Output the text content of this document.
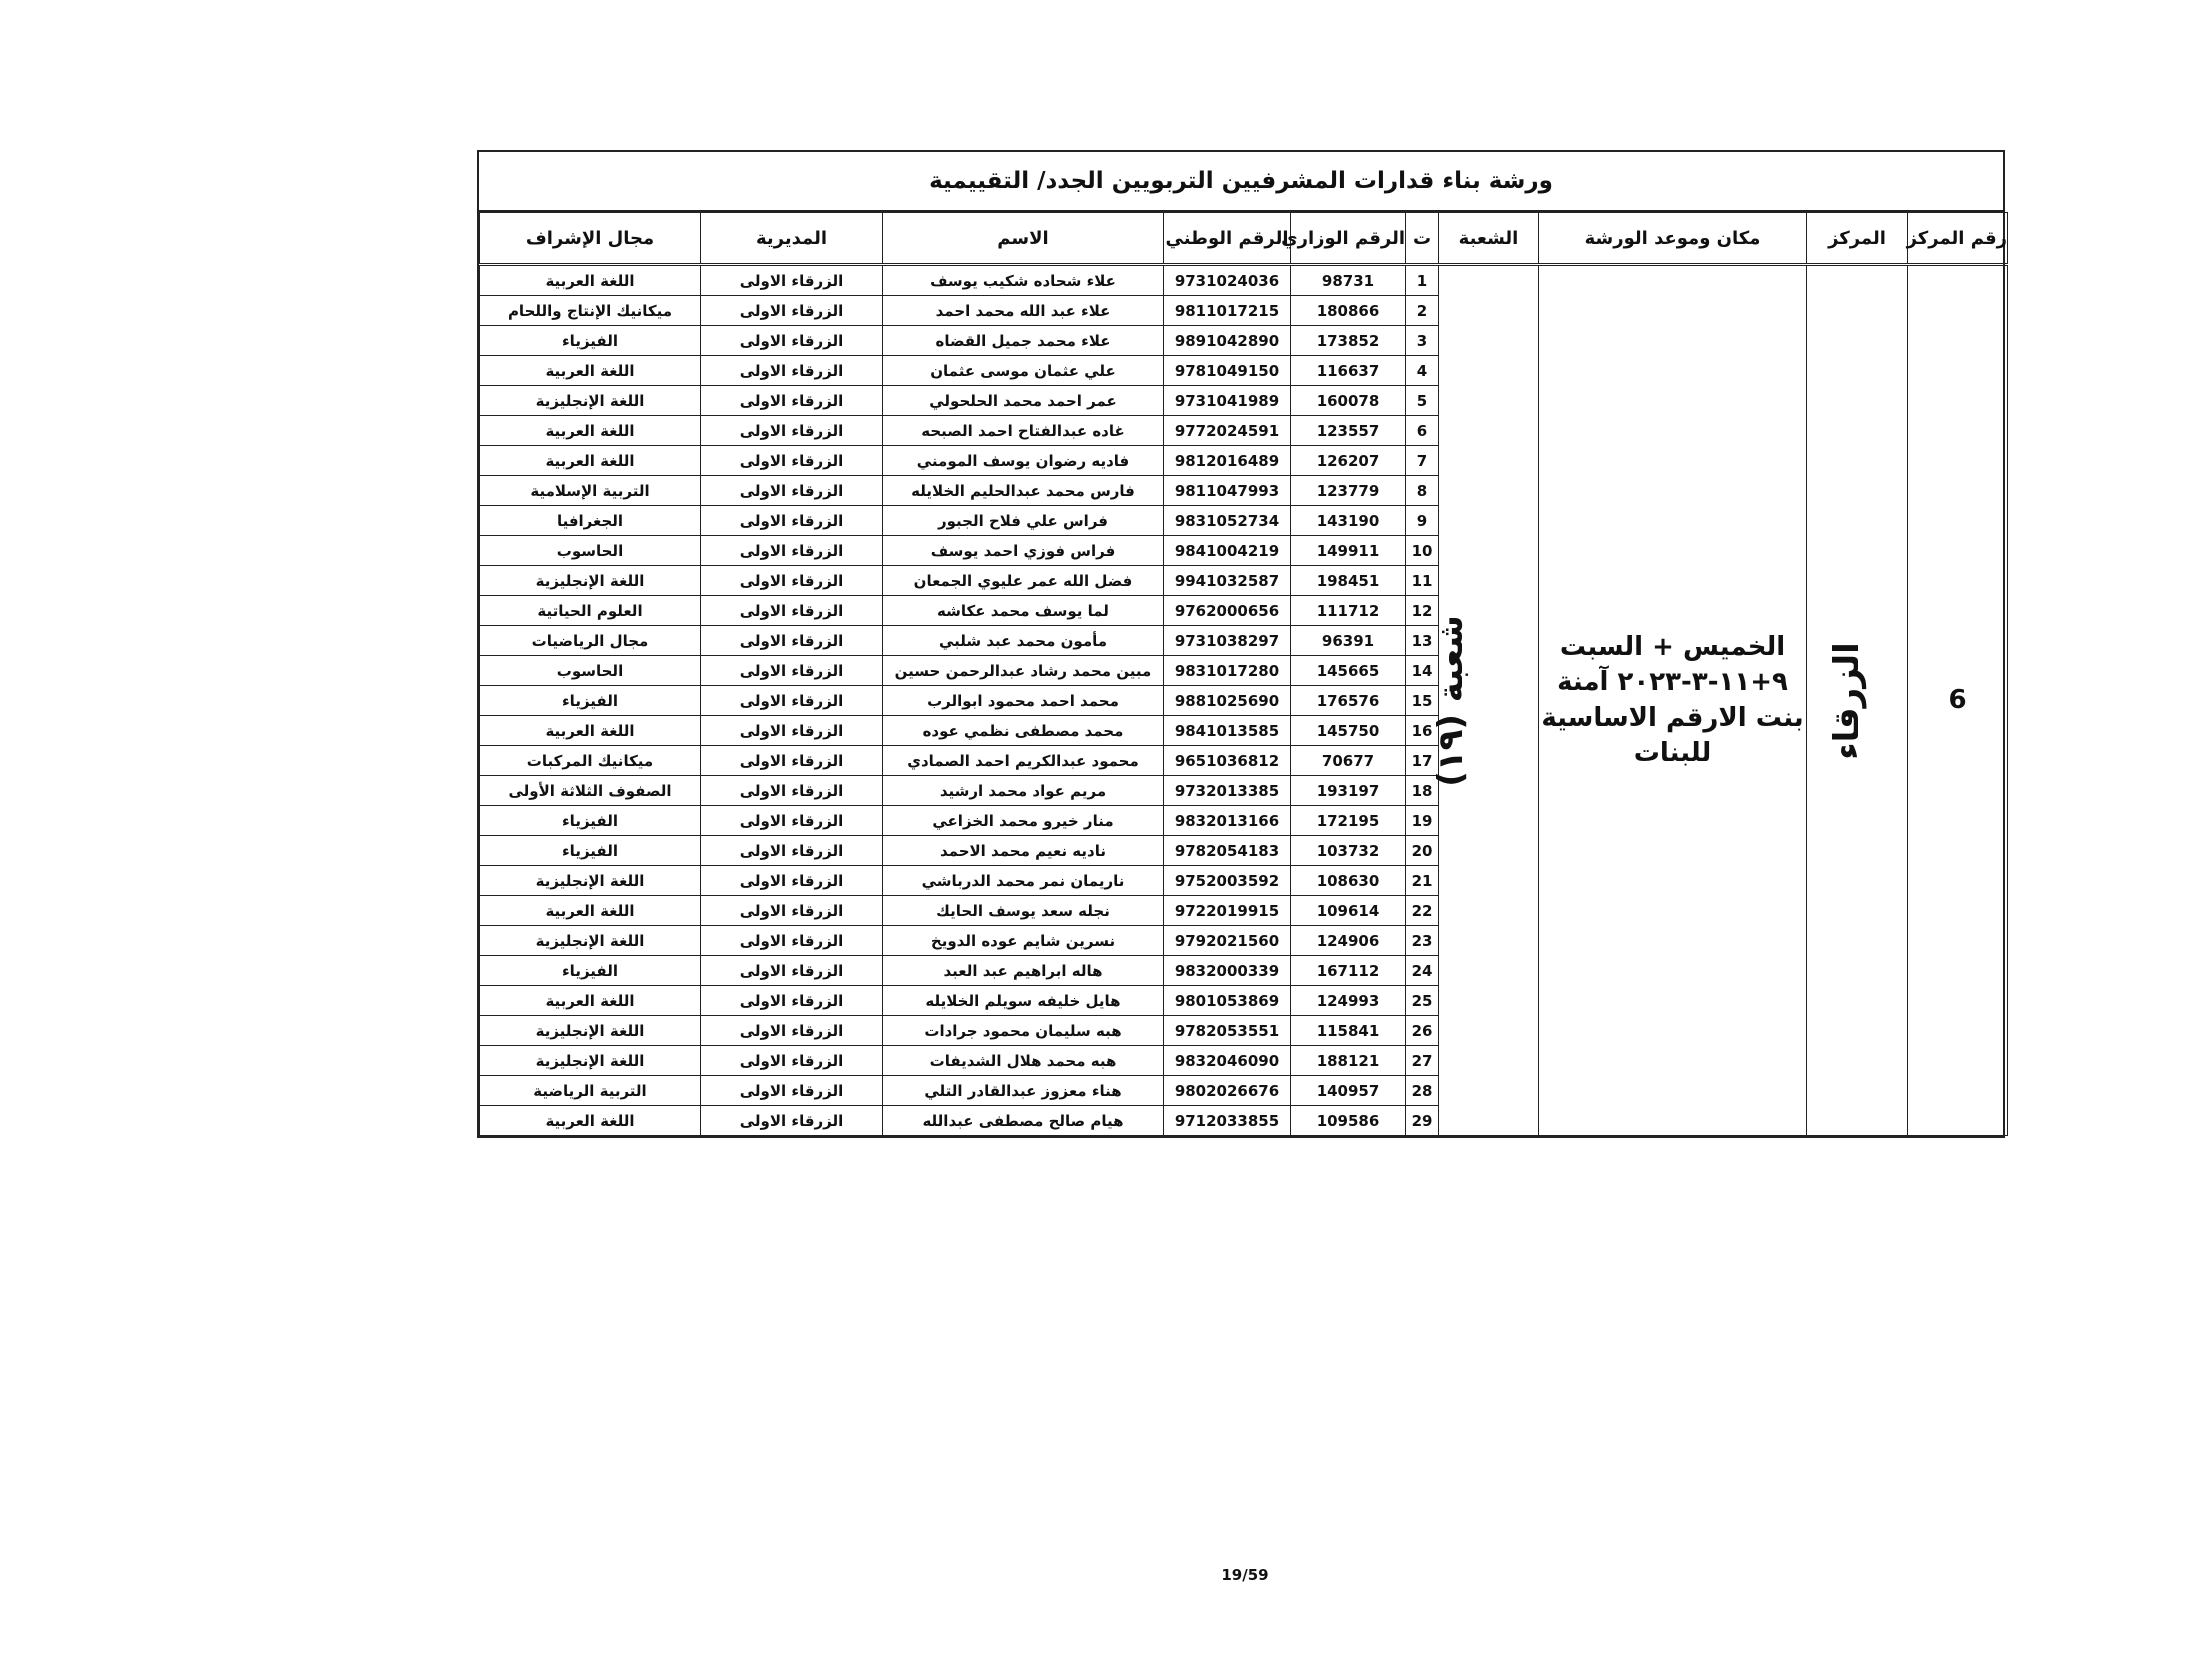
ورشة بناء قدارات المشرفيين التربويين الجدد/ التقييمية
رقم المركز	المركز	مكان وموعد الورشة	الشعبة	ت	الرقم الوزاري	الرقم الوطني	الاسم	المديرية	مجال الإشراف
6	الزرقاء	الخميس + السبت ٩+١١-٣-٢٠٢٣ آمنة بنت الارقم الاساسية للبنات	شعبة (١٩)	1	98731	9731024036	علاء شحاده شكيب يوسف	الزرقاء الاولى	اللغة العربية
				2	180866	9811017215	علاء عبد الله محمد احمد	الزرقاء الاولى	ميكانيك الإنتاج واللحام
				3	173852	9891042890	علاء محمد جميل القضاه	الزرقاء الاولى	الفيزياء
				4	116637	9781049150	علي عثمان موسى عثمان	الزرقاء الاولى	اللغة العربية
				5	160078	9731041989	عمر احمد محمد الحلحولي	الزرقاء الاولى	اللغة الإنجليزية
				6	123557	9772024591	غاده عبدالفتاح احمد الصبحه	الزرقاء الاولى	اللغة العربية
				7	126207	9812016489	فاديه رضوان يوسف المومني	الزرقاء الاولى	اللغة العربية
				8	123779	9811047993	فارس محمد عبدالحليم الخلايله	الزرقاء الاولى	التربية الإسلامية
				9	143190	9831052734	فراس علي فلاح الجبور	الزرقاء الاولى	الجغرافيا
				10	149911	9841004219	فراس فوزي احمد يوسف	الزرقاء الاولى	الحاسوب
				11	198451	9941032587	فضل الله عمر عليوي الجمعان	الزرقاء الاولى	اللغة الإنجليزية
				12	111712	9762000656	لما يوسف محمد عكاشه	الزرقاء الاولى	العلوم الحياتية
				13	96391	9731038297	مأمون محمد عبد شلبي	الزرقاء الاولى	مجال الرياضيات
				14	145665	9831017280	مبين محمد رشاد عبدالرحمن حسين	الزرقاء الاولى	الحاسوب
				15	176576	9881025690	محمد احمد محمود ابوالرب	الزرقاء الاولى	الفيزياء
				16	145750	9841013585	محمد مصطفى نظمي عوده	الزرقاء الاولى	اللغة العربية
				17	70677	9651036812	محمود عبدالكريم احمد الصمادي	الزرقاء الاولى	ميكانيك المركبات
				18	193197	9732013385	مريم عواد محمد ارشيد	الزرقاء الاولى	الصفوف الثلاثة الأولى
				19	172195	9832013166	منار خيرو محمد الخزاعي	الزرقاء الاولى	الفيزياء
				20	103732	9782054183	ناديه نعيم محمد الاحمد	الزرقاء الاولى	الفيزياء
				21	108630	9752003592	ناريمان نمر محمد الدرباشي	الزرقاء الاولى	اللغة الإنجليزية
				22	109614	9722019915	نجله سعد يوسف الحايك	الزرقاء الاولى	اللغة العربية
				23	124906	9792021560	نسرين شايم عوده الدويخ	الزرقاء الاولى	اللغة الإنجليزية
				24	167112	9832000339	هاله ابراهيم عبد العبد	الزرقاء الاولى	الفيزياء
				25	124993	9801053869	هايل خليفه سويلم الخلايله	الزرقاء الاولى	اللغة العربية
				26	115841	9782053551	هبه سليمان محمود جرادات	الزرقاء الاولى	اللغة الإنجليزية
				27	188121	9832046090	هبه محمد هلال الشديفات	الزرقاء الاولى	اللغة الإنجليزية
				28	140957	9802026676	هناء معزوز عبدالقادر التلي	الزرقاء الاولى	التربية الرياضية
				29	109586	9712033855	هيام صالح مصطفى عبدالله	الزرقاء الاولى	اللغة العربية
19/59
